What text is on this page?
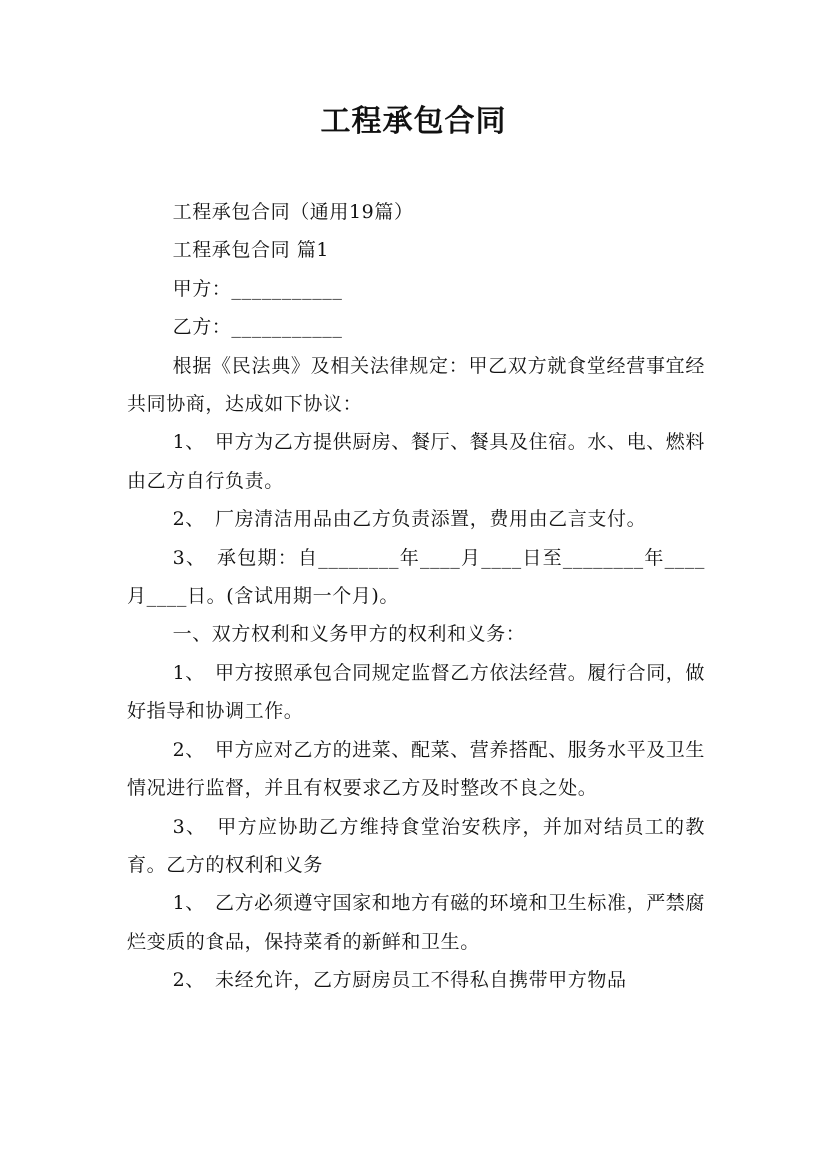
工程承包合同

工程承包合同（通用19篇）

工程承包合同 篇1

甲方：___________

乙方：___________

根据《民法典》及相关法律规定：甲乙双方就食堂经营事宜经共同协商，达成如下协议：

1、　甲方为乙方提供厨房、餐厅、餐具及住宿。水、电、燃料由乙方自行负责。

2、　厂房清洁用品由乙方负责添置，费用由乙言支付。

3、　承包期：自________年____月____日至________年____月____日。(含试用期一个月)。

一、双方权利和义务甲方的权利和义务：

1、　甲方按照承包合同规定监督乙方依法经营。履行合同，做好指导和协调工作。

2、　甲方应对乙方的进菜、配菜、营养搭配、服务水平及卫生情况进行监督，并且有权要求乙方及时整改不良之处。

3、　甲方应协助乙方维持食堂治安秩序，并加对结员工的教育。乙方的权利和义务

1、　乙方必须遵守国家和地方有磁的环境和卫生标准，严禁腐烂变质的食品，保持菜肴的新鲜和卫生。

2、　未经允许，乙方厨房员工不得私自携带甲方物品
